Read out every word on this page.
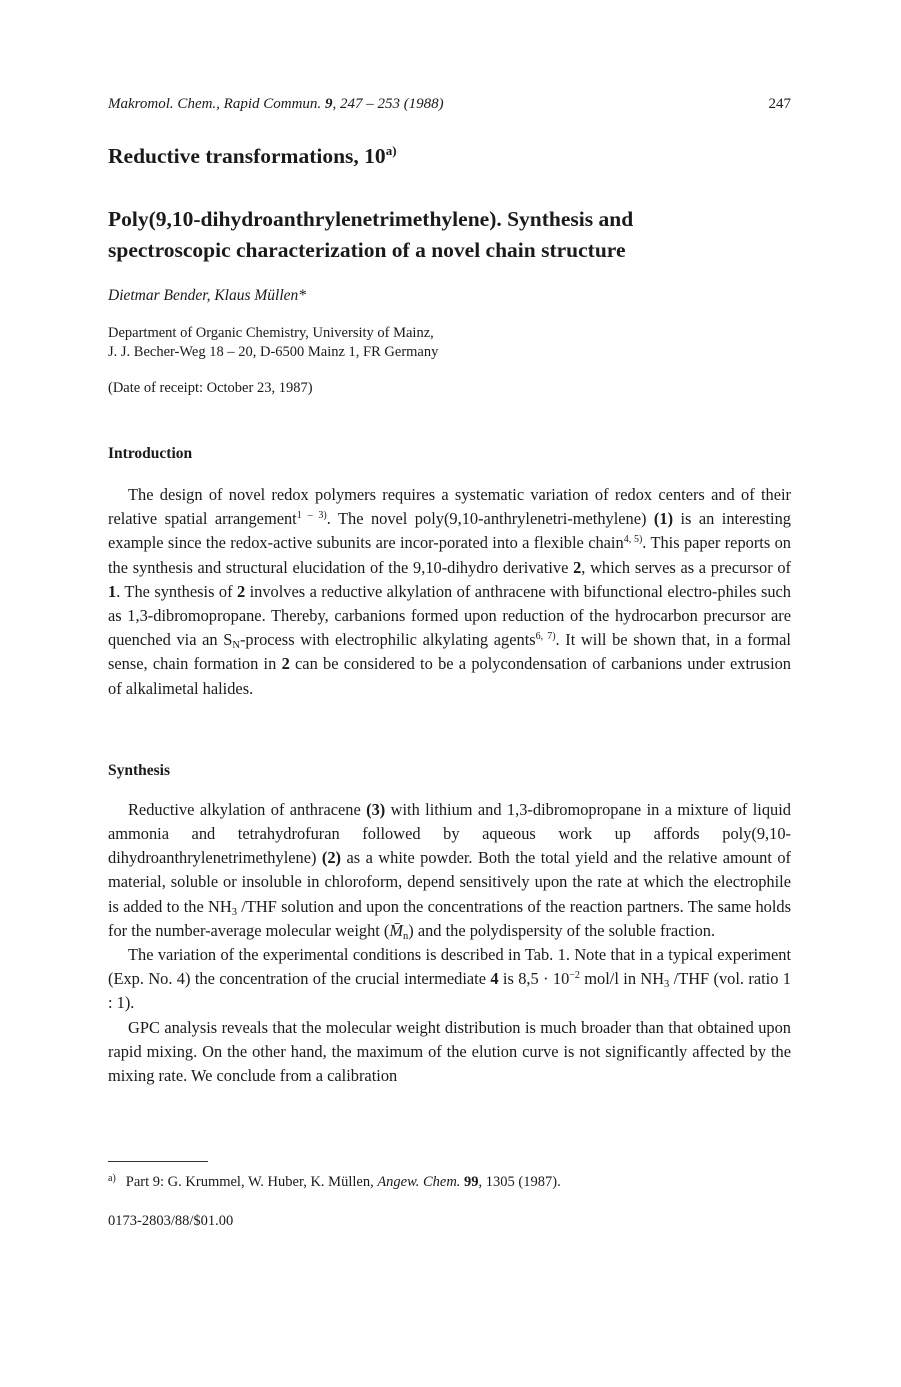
Makromol. Chem., Rapid Commun. 9, 247 – 253 (1988)	247
Reductive transformations, 10$^{a)}$
Poly(9,10-dihydroanthrylenetrimethylene). Synthesis and
spectroscopic characterization of a novel chain structure
Dietmar Bender, Klaus Müllen*
Department of Organic Chemistry, University of Mainz,
J. J. Becher-Weg 18 – 20, D-6500 Mainz 1, FR Germany
(Date of receipt: October 23, 1987)
Introduction

The design of novel redox polymers requires a systematic variation of redox centers and of their relative spatial arrangement$^{1 - 3)}$. The novel poly(9,10-anthrylenetri-methylene) (1) is an interesting example since the redox-active subunits are incor-porated into a flexible chain$^{4, 5)}$. This paper reports on the synthesis and structural elucidation of the 9,10-dihydro derivative 2, which serves as a precursor of 1. The synthesis of 2 involves a reductive alkylation of anthracene with bifunctional electro-philes such as 1,3-dibromopropane. Thereby, carbanions formed upon reduction of the hydrocarbon precursor are quenched via an $S_N$-process with electrophilic alkylating agents$^{6, 7)}$. It will be shown that, in a formal sense, chain formation in 2 can be considered to be a polycondensation of carbanions under extrusion of alkalimetal halides.

Synthesis

Reductive alkylation of anthracene (3) with lithium and 1,3-dibromopropane in a mixture of liquid ammonia and tetrahydrofuran followed by aqueous work up affords poly(9,10-dihydroanthrylenetrimethylene) (2) as a white powder. Both the total yield and the relative amount of material, soluble or insoluble in chloroform, depend sensitively upon the rate at which the electrophile is added to the $NH_3$ /THF solution and upon the concentrations of the reaction partners. The same holds for the number-average molecular weight $(M̄_n)$ and the polydispersity of the soluble fraction.

The variation of the experimental conditions is described in Tab. 1. Note that in a typical experiment (Exp. No. 4) the concentration of the crucial intermediate 4 is $8,5 \cdot 10^{-2}$ mol/l in $NH_3$ /THF (vol. ratio 1 : 1).

GPC analysis reveals that the molecular weight distribution is much broader than that obtained upon rapid mixing. On the other hand, the maximum of the elution curve is not significantly affected by the mixing rate. We conclude from a calibration

$^{a)}$ Part 9: G. Krummel, W. Huber, K. Müllen, Angew. Chem. 99, 1305 (1987).
0173-2803/88/$01.00
